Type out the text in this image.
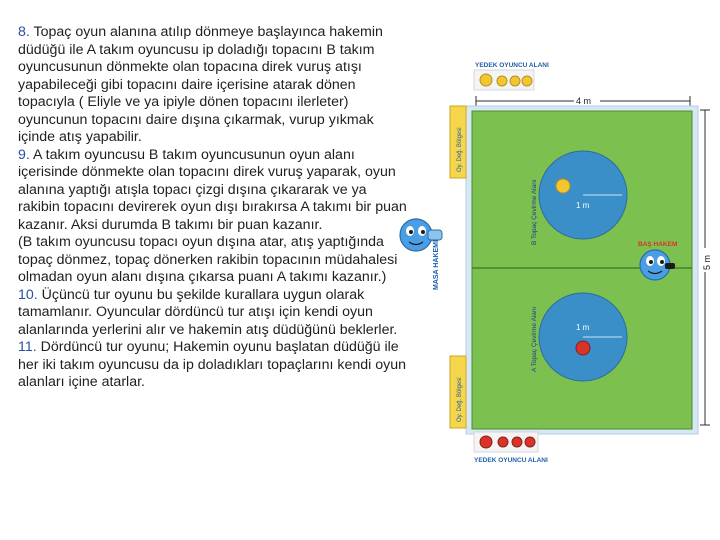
8. Topaç oyun alanına atılıp dönmeye başlayınca hakemin düdüğü ile A takım oyuncusu ip doladığı topacını B takım oyuncusunun dönmekte olan topacına direk vuruş atışı yapabileceği gibi topacını daire içerisine atarak dönen topacıyla ( Eliyle ve ya ipiyle dönen topacını ilerleter) oyuncunun topacını daire dışına çıkarmak, vurup yıkmak içinde atış yapabilir.

9. A takım oyuncusu B takım oyuncusunun oyun alanı içerisinde dönmekte olan topacını direk vuruş yaparak, oyun alanına yaptığı atışla topacı çizgi dışına çıkararak ve ya rakibin topacını devirerek oyun dışı bırakırsa A takımı bir puan kazanır. Aksi durumda B takımı bir puan kazanır.

(B takım oyuncusu topacı oyun dışına atar, atış yaptığında topaç dönmez, topaç dönerken rakibin topacının müdahalesi olmadan oyun alanı dışına çıkarsa puanı A takımı kazanır.)

10. Üçüncü tur oyunu bu şekilde kurallara uygun olarak tamamlanır. Oyuncular dördüncü tur atışı için kendi oyun alanlarında yerlerini alır ve hakemin atış düdüğünü beklerler.

11. Dördüncü tur oyunu; Hakemin oyunu başlatan düdüğü ile her iki takım oyuncusu da ip doladıkları topaçlarını kendi oyun alanları içine atarlar.

YEDEK OYUNCU ALANI
4 m
5 m
1 m
1 m
B Topaç Çevirme Alanı
A Topaç Çevirme Alanı
Oy. Değ. Bölgesi
Oy. Değ. Bölgesi
MASA HAKEMİ	BAŞ HAKEM
YEDEK OYUNCU ALANI
